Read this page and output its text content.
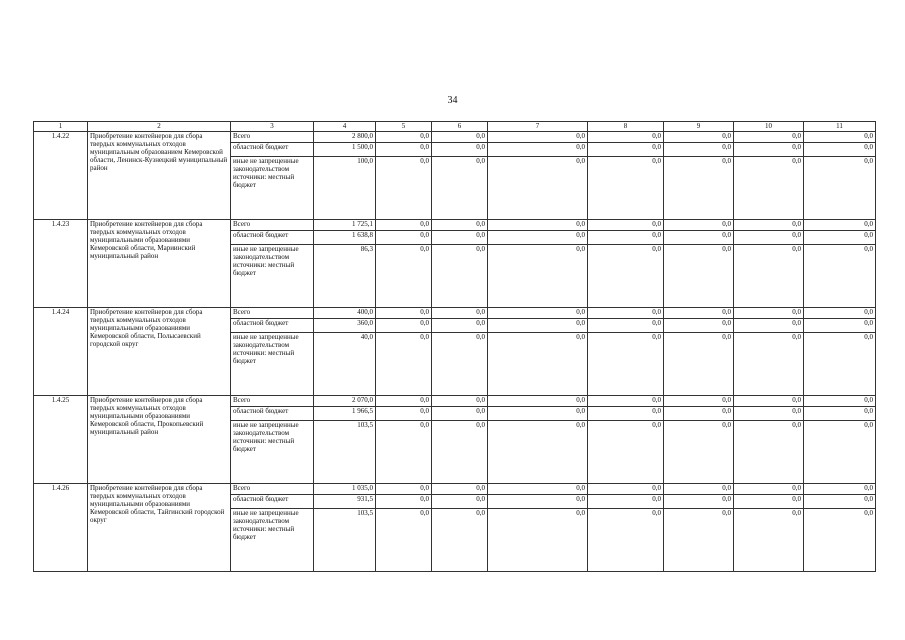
34
1	2	3	4	5	6	7	8	9	10	11
1.4.22	Приобретение контейнеров для сбора твердых коммунальных отходов муниципальным образованием Кемеровской области, Ленинск-Кузнецкий муниципальный район	Всего	2 800,0	0,0	0,0	0,0	0,0	0,0	0,0	0,0
		областной бюджет	1 500,0	0,0	0,0	0,0	0,0	0,0	0,0	0,0
		иные не запрещенные законодательством источники: местный бюджет	100,0	0,0	0,0	0,0	0,0	0,0	0,0	0,0
1.4.23	Приобретение контейнеров для сбора твердых коммунальных отходов муниципальными образованиями Кемеровской области, Мариинский муниципальный район	Всего	1 725,1	0,0	0,0	0,0	0,0	0,0	0,0	0,0
		областной бюджет	1 638,8	0,0	0,0	0,0	0,0	0,0	0,0	0,0
		иные не запрещенные законодательством источники: местный бюджет	86,3	0,0	0,0	0,0	0,0	0,0	0,0	0,0
1.4.24	Приобретение контейнеров для сбора твердых коммунальных отходов муниципальными образованиями Кемеровской области, Полысаевский городской округ	Всего	400,0	0,0	0,0	0,0	0,0	0,0	0,0	0,0
		областной бюджет	360,0	0,0	0,0	0,0	0,0	0,0	0,0	0,0
		иные не запрещенные законодательством источники: местный бюджет	40,0	0,0	0,0	0,0	0,0	0,0	0,0	0,0
1.4.25	Приобретение контейнеров для сбора твердых коммунальных отходов муниципальными образованиями Кемеровской области, Прокопьевский муниципальный район	Всего	2 070,0	0,0	0,0	0,0	0,0	0,0	0,0	0,0
		областной бюджет	1 966,5	0,0	0,0	0,0	0,0	0,0	0,0	0,0
		иные не запрещенные законодательством источники: местный бюджет	103,5	0,0	0,0	0,0	0,0	0,0	0,0	0,0
1.4.26	Приобретение контейнеров для сбора твердых коммунальных отходов муниципальными образованиями Кемеровской области, Тайгинский городской округ	Всего	1 035,0	0,0	0,0	0,0	0,0	0,0	0,0	0,0
		областной бюджет	931,5	0,0	0,0	0,0	0,0	0,0	0,0	0,0
		иные не запрещенные законодательством источники: местный бюджет	103,5	0,0	0,0	0,0	0,0	0,0	0,0	0,0
